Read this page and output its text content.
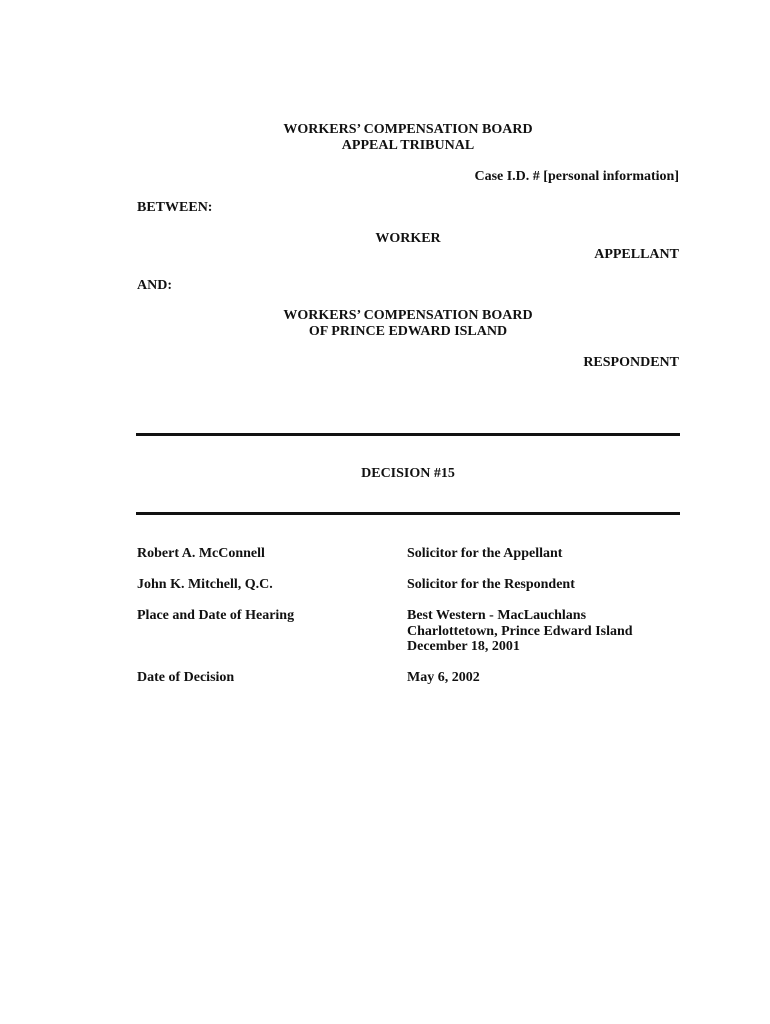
WORKERS’ COMPENSATION BOARD
APPEAL TRIBUNAL
Case I.D. # [personal information]
BETWEEN:
WORKER
APPELLANT
AND:
WORKERS’ COMPENSATION BOARD
OF PRINCE EDWARD ISLAND
RESPONDENT
DECISION #15
Robert A. McConnell	Solicitor for the Appellant
John K. Mitchell, Q.C.	Solicitor for the Respondent
Place and Date of Hearing	Best Western - MacLauchlans
Charlottetown, Prince Edward Island
December 18, 2001
Date of Decision	May 6, 2002
